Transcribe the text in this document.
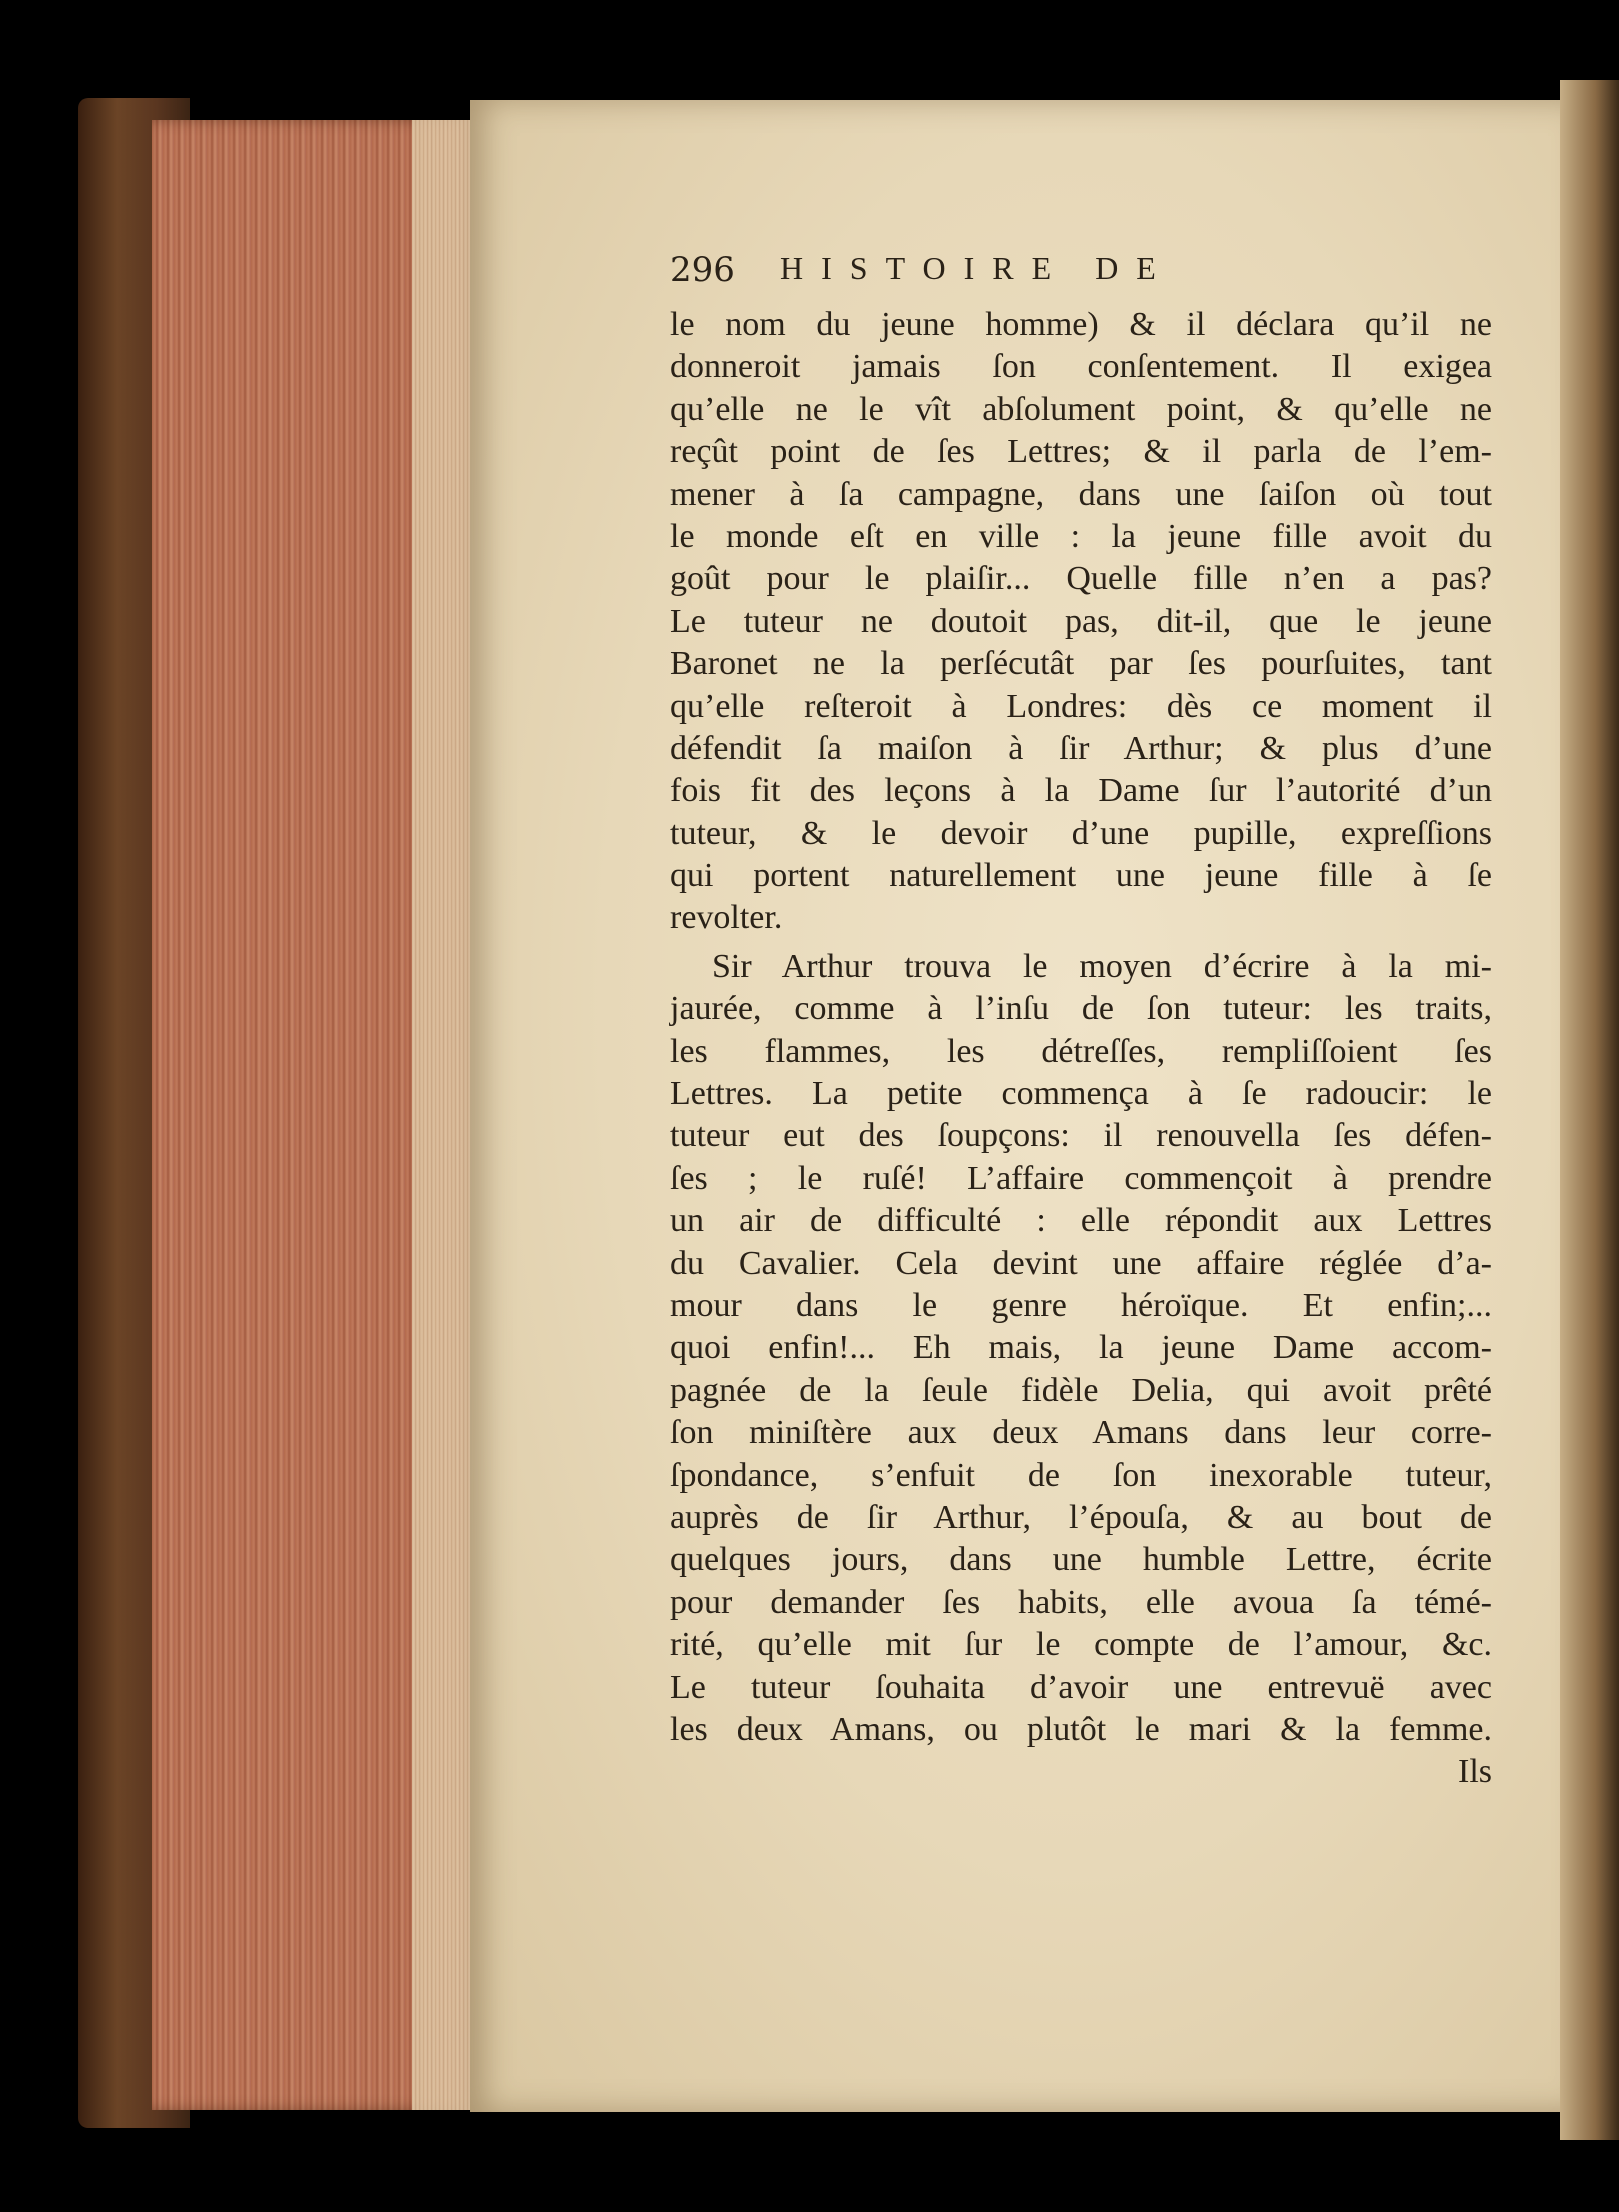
296 HISTOIRE DE
le nom du jeune homme) & il déclara qu’il ne
donneroit jamais ſon conſentement. Il exigea
qu’elle ne le vît abſolument point, & qu’elle ne
reçût point de ſes Lettres; & il parla de l’em-
mener à ſa campagne, dans une ſaiſon où tout
le monde eſt en ville : la jeune fille avoit du
goût pour le plaiſir... Quelle fille n’en a pas?
Le tuteur ne doutoit pas, dit-il, que le jeune
Baronet ne la perſécutât par ſes pourſuites, tant
qu’elle reſteroit à Londres: dès ce moment il
défendit ſa maiſon à ſir Arthur; & plus d’une
fois fit des leçons à la Dame ſur l’autorité d’un
tuteur, & le devoir d’une pupille, expreſſions
qui portent naturellement une jeune fille à ſe
revolter.
Sir Arthur trouva le moyen d’écrire à la mi-
jaurée, comme à l’inſu de ſon tuteur: les traits,
les flammes, les détreſſes, rempliſſoient ſes
Lettres. La petite commença à ſe radoucir: le
tuteur eut des ſoupçons: il renouvella ſes défen-
ſes ; le ruſé! L’affaire commençoit à prendre
un air de difficulté : elle répondit aux Lettres
du Cavalier. Cela devint une affaire réglée d’a-
mour dans le genre héroïque. Et enfin;...
quoi enfin!... Eh mais, la jeune Dame accom-
pagnée de la ſeule fidèle Delia, qui avoit prêté
ſon miniſtère aux deux Amans dans leur corre-
ſpondance, s’enfuit de ſon inexorable tuteur,
auprès de ſir Arthur, l’épouſa, & au bout de
quelques jours, dans une humble Lettre, écrite
pour demander ſes habits, elle avoua ſa témé-
rité, qu’elle mit ſur le compte de l’amour, &c.
Le tuteur ſouhaita d’avoir une entrevuë avec
les deux Amans, ou plutôt le mari & la femme.
Ils
